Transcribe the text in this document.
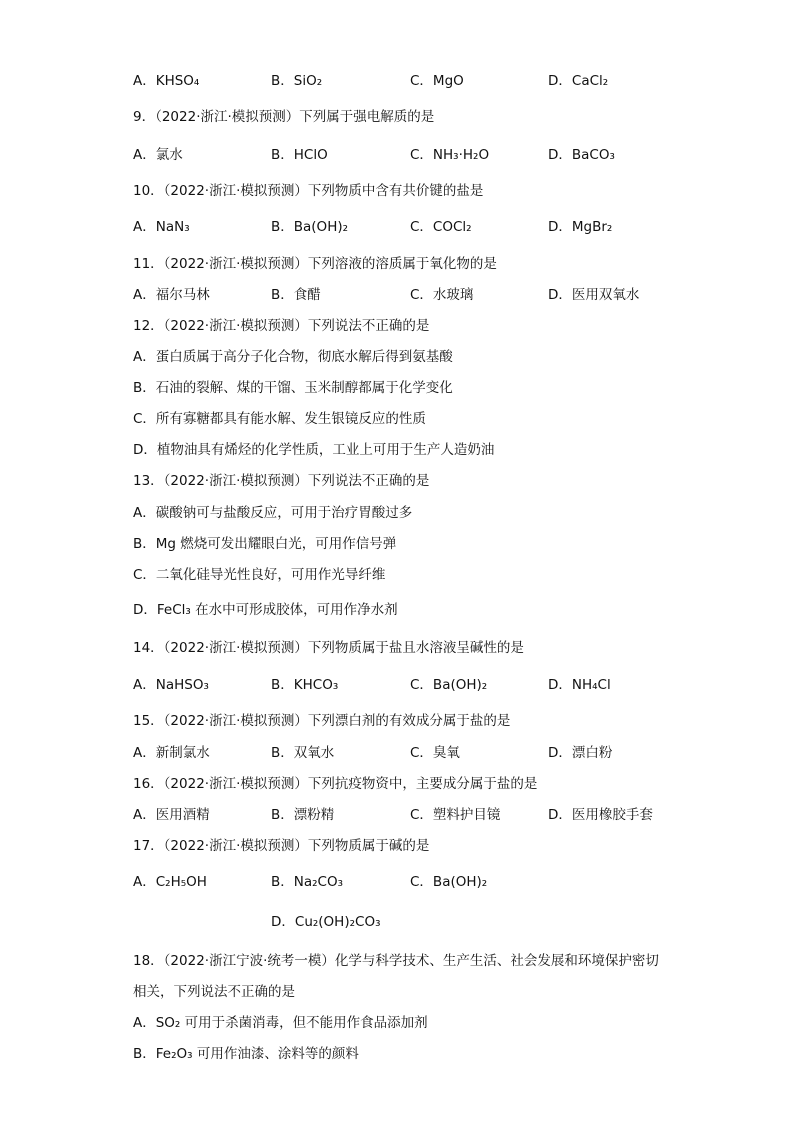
A．KHSO₄	B．SiO₂	C．MgO	D．CaCl₂
9．（2022·浙江·模拟预测）下列属于强电解质的是
A．氯水	B．HClO	C．NH₃·H₂O	D．BaCO₃
10．（2022·浙江·模拟预测）下列物质中含有共价键的盐是
A．NaN₃	B．Ba(OH)₂	C．COCl₂	D．MgBr₂
11．（2022·浙江·模拟预测）下列溶液的溶质属于氧化物的是
A．福尔马林	B．食醋	C．水玻璃	D．医用双氧水
12．（2022·浙江·模拟预测）下列说法不正确的是
A．蛋白质属于高分子化合物，彻底水解后得到氨基酸
B．石油的裂解、煤的干馏、玉米制醇都属于化学变化
C．所有寡糖都具有能水解、发生银镜反应的性质
D．植物油具有烯烃的化学性质，工业上可用于生产人造奶油
13．（2022·浙江·模拟预测）下列说法不正确的是
A．碳酸钠可与盐酸反应，可用于治疗胃酸过多
B．Mg 燃烧可发出耀眼白光，可用作信号弹
C．二氧化硅导光性良好，可用作光导纤维
D．FeCl₃ 在水中可形成胶体，可用作净水剂
14．（2022·浙江·模拟预测）下列物质属于盐且水溶液呈碱性的是
A．NaHSO₃	B．KHCO₃	C．Ba(OH)₂	D．NH₄Cl
15．（2022·浙江·模拟预测）下列漂白剂的有效成分属于盐的是
A．新制氯水	B．双氧水	C．臭氧	D．漂白粉
16．（2022·浙江·模拟预测）下列抗疫物资中，主要成分属于盐的是
A．医用酒精	B．漂粉精	C．塑料护目镜	D．医用橡胶手套
17．（2022·浙江·模拟预测）下列物质属于碱的是
A．C₂H₅OH	B．Na₂CO₃	C．Ba(OH)₂
D．Cu₂(OH)₂CO₃
18．（2022·浙江宁波·统考一模）化学与科学技术、生产生活、社会发展和环境保护密切
相关，下列说法不正确的是
A．SO₂ 可用于杀菌消毒，但不能用作食品添加剂
B．Fe₂O₃ 可用作油漆、涂料等的颜料
